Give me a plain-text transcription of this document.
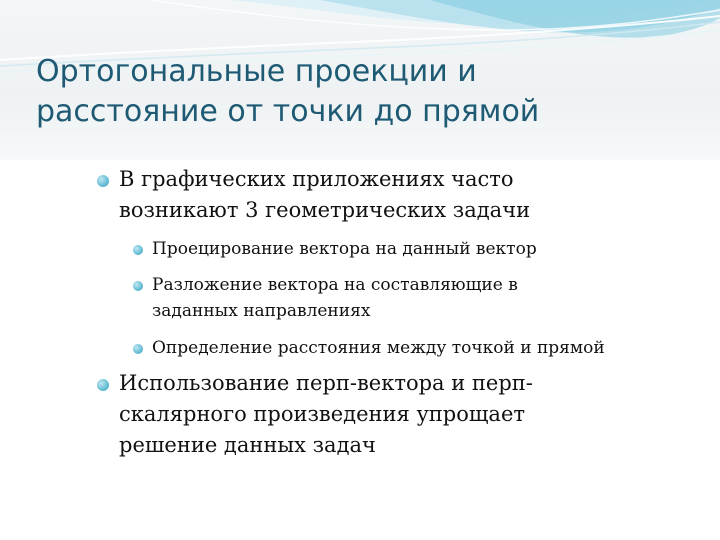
Ортогональные проекции и
расстояние от точки до прямой
В графических приложениях часто
возникают 3 геометрических задачи
Проецирование вектора на данный вектор
Разложение вектора на составляющие в
заданных направлениях
Определение расстояния между точкой и прямой
Использование перп-вектора и перп-
скалярного произведения упрощает
решение данных задач
